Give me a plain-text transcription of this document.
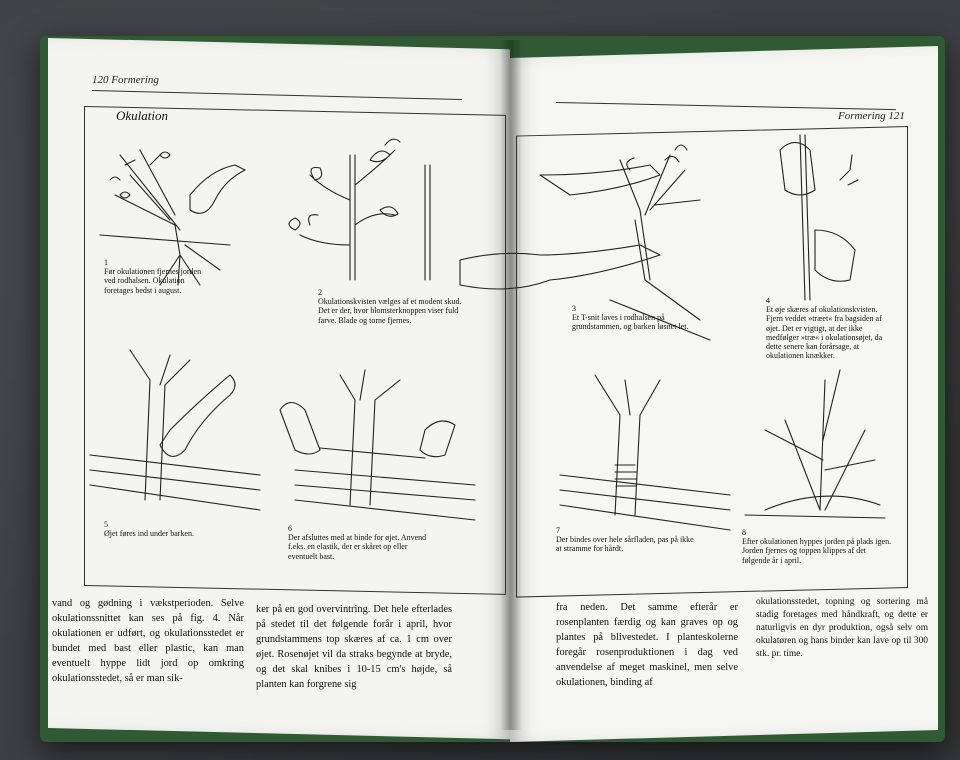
120 Formering
Formering 121
Okulation
1
Før okulationen fjernes jorden ved rodhalsen. Okulation foretages bedst i august.	2
Okulationskvisten vælges af et modent skud. Det er der, hvor blomsterknoppen viser fuld farve. Blade og torne fjernes.
3
Et T-snit laves i rodhalsen på grundstammen, og barken løsnet let.
4
Et øje skæres af okulationskvisten. Fjern veddet »træet« fra bagsiden af øjet. Det er vigtigt, at der ikke medfølger »træ« i okulationsøjet, da dette senere kan forårsage, at okulationen knækker.
5
Øjet føres ind under barken.
6
Der afsluttes med at binde for øjet. Anvend f.eks. en elastik, der er skåret op eller eventuelt bast.
7
Der bindes over hele sårfladen, pas på ikke at stramme for hårdt.
8
Efter okulationen hyppes jorden på plads igen. Jorden fjernes og toppen klippes af det følgende år i april.

vand og gødning i vækstperioden. Selve okulationssnittet kan ses på fig. 4. Når okulationen er udført, og okulationsstedet er bundet med bast eller plastic, kan man eventuelt hyppe lidt jord op omkring okulationsstedet, så er man sik-

ker på en god overvintring. Det hele efterlades på stedet til det følgende forår i april, hvor grundstammens top skæres af ca. 1 cm over øjet. Rosenøjet vil da straks begynde at bryde, og det skal knibes i 10-15 cm's højde, så planten kan forgrene sig

fra neden. Det samme efterår er rosenplanten færdig og kan graves op og plantes på blivestedet. I planteskolerne foregår rosenproduktionen i dag ved anvendelse af meget maskinel, men selve okulationen, binding af

okulationsstedet, topning og sortering må stadig foretages med håndkraft, og dette er naturligvis en dyr produktion, også selv om okulatøren og hans binder kan lave op til 300 stk. pr. time.
